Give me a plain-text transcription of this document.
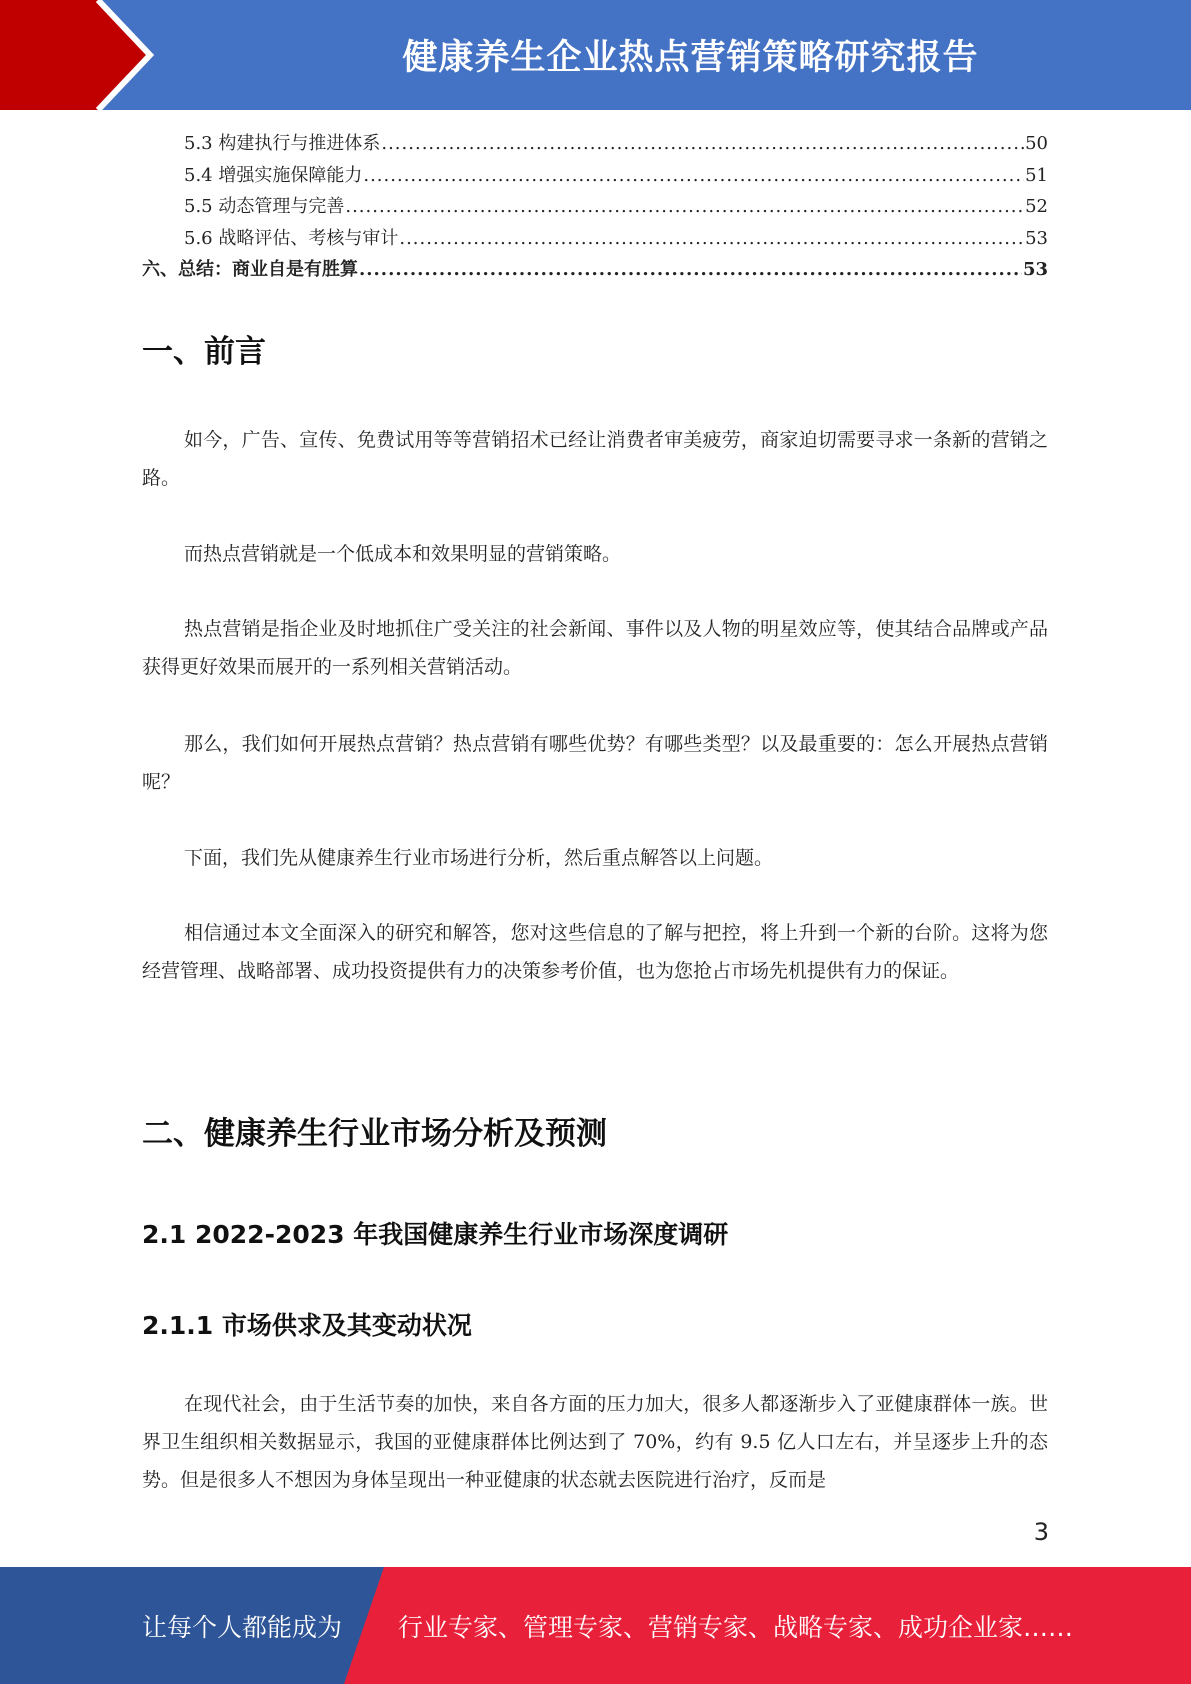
健康养生企业热点营销策略研究报告
5.3 构建执行与推进体系 .....	50
5.4 增强实施保障能力 .....	51
5.5 动态管理与完善 .....	52
5.6 战略评估、考核与审计 .....	53
六、总结：商业自是有胜算 .....	53
一、前言
如今，广告、宣传、免费试用等等营销招术已经让消费者审美疲劳，商家迫切需要寻求一条新的营销之路。
而热点营销就是一个低成本和效果明显的营销策略。
热点营销是指企业及时地抓住广受关注的社会新闻、事件以及人物的明星效应等，使其结合品牌或产品获得更好效果而展开的一系列相关营销活动。
那么，我们如何开展热点营销？热点营销有哪些优势？有哪些类型？以及最重要的：怎么开展热点营销呢？
下面，我们先从健康养生行业市场进行分析，然后重点解答以上问题。
相信通过本文全面深入的研究和解答，您对这些信息的了解与把控，将上升到一个新的台阶。这将为您经营管理、战略部署、成功投资提供有力的决策参考价值，也为您抢占市场先机提供有力的保证。
二、健康养生行业市场分析及预测
2.1 2022-2023 年我国健康养生行业市场深度调研
2.1.1 市场供求及其变动状况
在现代社会，由于生活节奏的加快，来自各方面的压力加大，很多人都逐渐步入了亚健康群体一族。世界卫生组织相关数据显示，我国的亚健康群体比例达到了 70%，约有 9.5 亿人口左右，并呈逐步上升的态势。但是很多人不想因为身体呈现出一种亚健康的状态就去医院进行治疗，反而是
3
让每个人都能成为 行业专家、管理专家、营销专家、战略专家、成功企业家……
